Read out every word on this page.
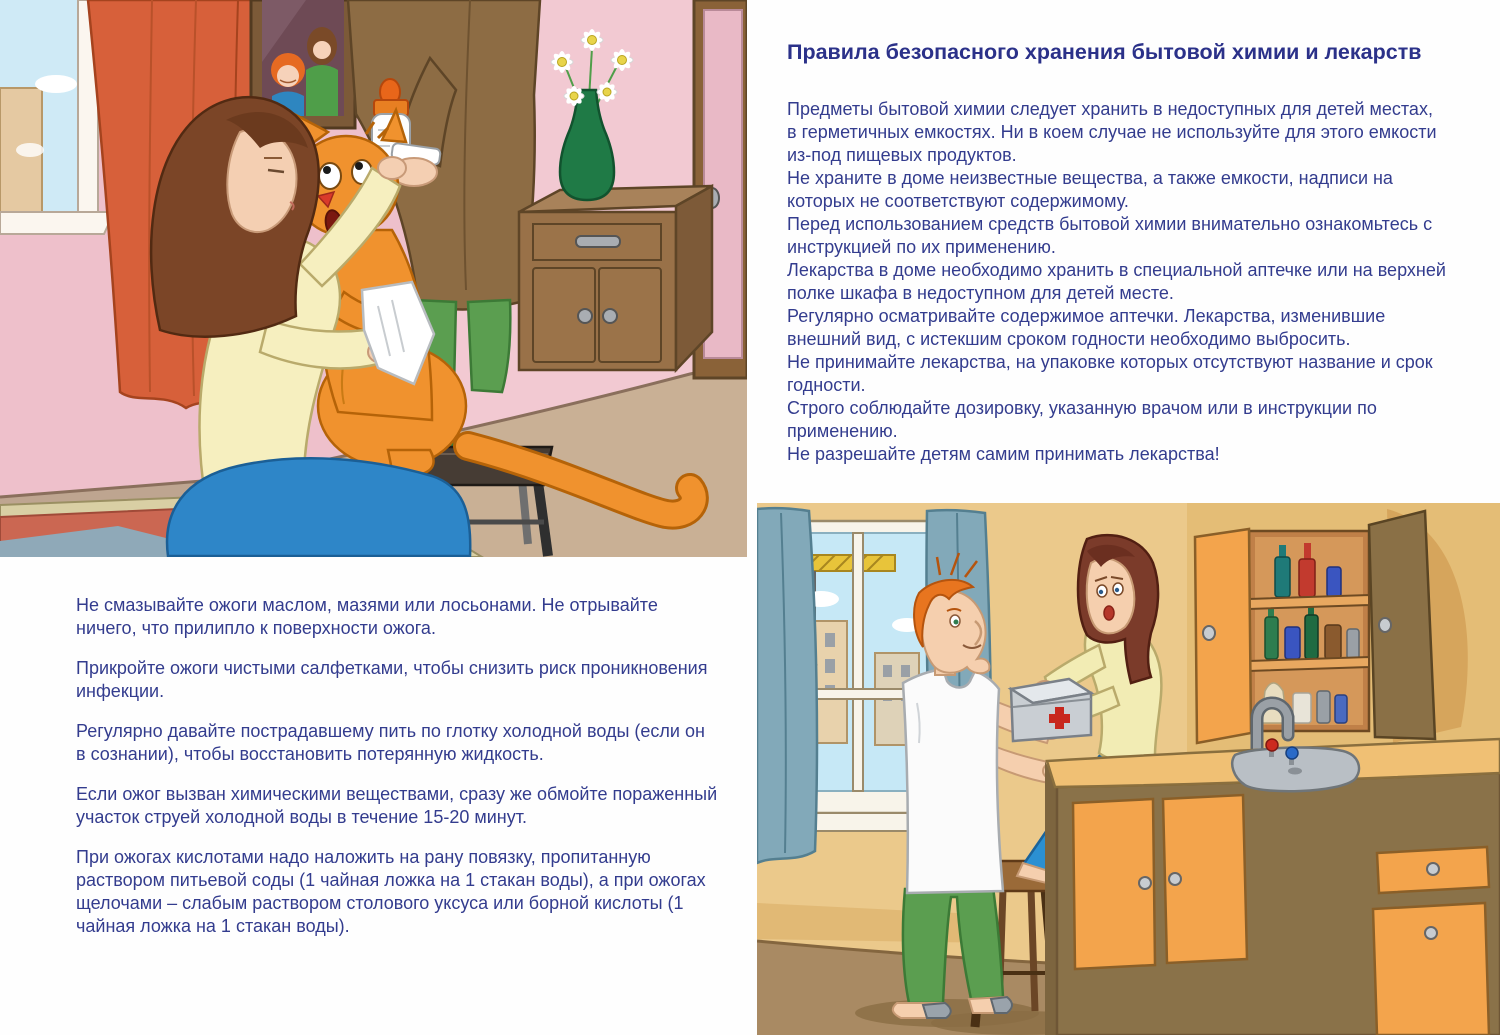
Правила безопасного хранения бытовой химии и лекарств

Предметы бытовой химии следует хранить в недоступных для детей местах, в герметичных емкостях. Ни в коем случае не используйте для этого емкости из-под пищевых продуктов.

Не храните в доме неизвестные вещества, а также емкости, надписи на которых не соответствуют содержимому.

Перед использованием средств бытовой химии внимательно ознакомьтесь с инструкцией по их применению.

Лекарства в доме необходимо хранить в специальной аптечке или на верхней полке шкафа в недоступном для детей месте.

Регулярно осматривайте содержимое аптечки. Лекарства, изменившие внешний вид, с истекшим сроком годности необходимо выбросить.

Не принимайте лекарства, на упаковке которых отсутствуют название и срок годности.

Строго соблюдайте дозировку, указанную врачом или в инструкции по применению.

Не разрешайте детям самим принимать лекарства!

Не смазывайте ожоги маслом, мазями или лосьонами. Не отрывайте ничего, что прилипло к поверхности ожога.

Прикройте ожоги чистыми салфетками, чтобы снизить риск проникновения инфекции.

Регулярно давайте пострадавшему пить по глотку холодной воды (если он в сознании), чтобы восстановить потерянную жидкость.

Если ожог вызван химическими веществами, сразу же обмойте пораженный участок струей холодной воды в течение 15-20 минут.

При ожогах кислотами надо наложить на рану повязку, пропитанную раствором питьевой соды (1 чайная ложка на 1 стакан воды), а при ожогах щелочами – слабым раствором столового уксуса или борной кислоты (1 чайная ложка на 1 стакан воды).
